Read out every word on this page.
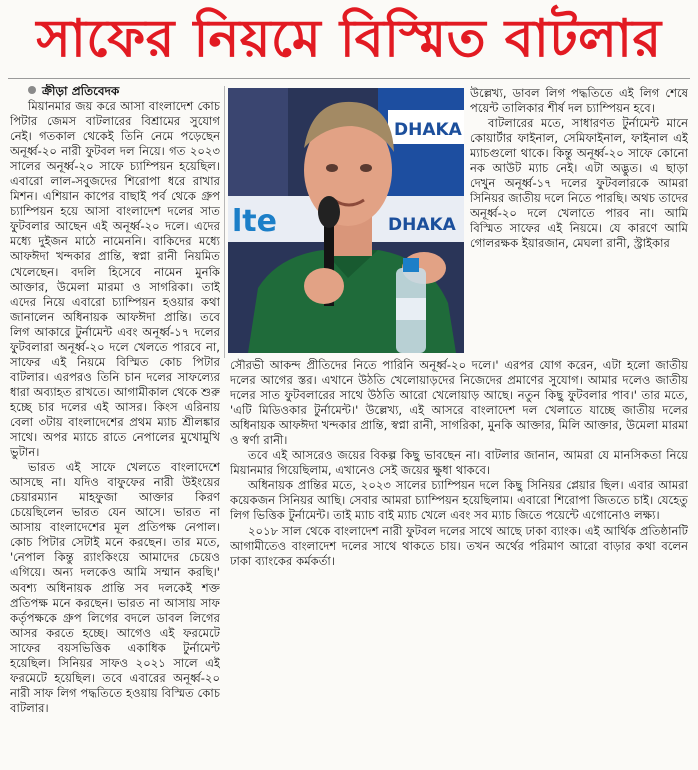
সাফের নিয়মে বিস্মিত বাটলার

ক্রীড়া প্রতিবেদক

মিয়ানমার জয় করে আসা বাংলাদেশ কোচ পিটার জেমস বাটলারের বিশ্রামের সুযোগ নেই। গতকাল থেকেই তিনি নেমে পড়েছেন অনূর্ধ্ব-২০ নারী ফুটবল দল নিয়ে। গত ২০২৩ সালের অনূর্ধ্ব-২০ সাফে চ্যাম্পিয়ন হয়েছিল। এবারো লাল-সবুজদের শিরোপা ধরে রাখার মিশন। এশিয়ান কাপের বাছাই পর্ব থেকে গ্রুপ চ্যাম্পিয়ন হয়ে আসা বাংলাদেশ দলের সাত ফুটবলার আছেন এই অনূর্ধ্ব-২০ দলে। এদের মধ্যে দুইজন মাঠে নামেননি। বাকিদের মধ্যে আফঈদা খন্দকার প্রান্তি, স্বপ্না রানী নিয়মিত খেলেছেন। বদলি হিসেবে নামেন মুনকি আক্তার, উমেলা মারমা ও সাগরিকা। তাই এদের নিয়ে এবারো চ্যাম্পিয়ন হওয়ার কথা জানালেন অধিনায়ক আফঈদা প্রান্তি। তবে লিগ আকারে টুর্নামেন্ট এবং অনূর্ধ্ব-১৭ দলের ফুটবলারা অনূর্ধ্ব-২০ দলে খেলতে পারবে না, সাফের এই নিয়মে বিস্মিত কোচ পিটার বাটলার। এরপরও তিনি চান দলের সাফল্যের ধারা অব্যাহত রাখতে। আগামীকাল থেকে শুরু হচ্ছে চার দলের এই আসর। কিংস এরিনায় বেলা ৩টায় বাংলাদেশের প্রথম ম্যাচ শ্রীলঙ্কার সাথে। অপর ম্যাচে রাতে নেপালের মুখোমুখি ভুটান।

ভারত এই সাফে খেলতে বাংলাদেশে আসছে না। যদিও বাফুফের নারী উইংয়ের চেয়ারম্যান মাহফুজা আক্তার কিরণ চেয়েছিলেন ভারত যেন আসে। ভারত না আসায় বাংলাদেশের মূল প্রতিপক্ষ নেপাল। কোচ পিটার সেটাই মনে করছেন। তার মতে, 'নেপাল কিন্তু র‍্যাংকিংয়ে আমাদের চেয়েও এগিয়ে। অন্য দলকেও আমি সম্মান করছি।' অবশ্য অধিনায়ক প্রান্তি সব দলকেই শক্ত প্রতিপক্ষ মনে করছেন। ভারত না আসায় সাফ কর্তৃপক্ষকে গ্রুপ লিগের বদলে ডাবল লিগের আসর করতে হচ্ছে। আগেও এই ফরমেটে সাফের বয়সভিত্তিক একাধিক টুর্নামেন্ট হয়েছিল। সিনিয়র সাফও ২০২১ সালে এই ফরমেটে হয়েছিল। তবে এবারের অনূর্ধ্ব-২০ নারী সাফ লিগ পদ্ধতিতে হওয়ায় বিস্মিত কোচ বাটলার।

DHAKA
lte	DHAKA

উল্লেখ্য, ডাবল লিগ পদ্ধতিতে এই লিগ শেষে পয়েন্ট তালিকার শীর্ষ দল চ্যাম্পিয়ন হবে।

বাটলারের মতে, সাধারণত টুর্নামেন্ট মানে কোয়ার্টার ফাইনাল, সেমিফাইনাল, ফাইনাল এই ম্যাচগুলো থাকে। কিন্তু অনূর্ধ্ব-২০ সাফে কোনো নক আউট ম্যাচ নেই। এটা অদ্ভুত। এ ছাড়া দেখুন অনূর্ধ্ব-১৭ দলের ফুটবলারকে আমরা সিনিয়র জাতীয় দলে নিতে পারছি। অথচ তাদের অনূর্ধ্ব-২০ দলে খেলাতে পারব না। আমি বিস্মিত সাফের এই নিয়মে। যে কারণে আমি গোলরক্ষক ইয়ারজান, মেঘলা রানী, স্ট্রাইকার

সৌরভী আকন্দ প্রীতিদের নিতে পারিনি অনূর্ধ্ব-২০ দলে।' এরপর যোগ করেন, এটা হলো জাতীয় দলের আগের স্তর। এখানে উঠতি খেলোয়াড়দের নিজেদের প্রমাণের সুযোগ। আমার দলেও জাতীয় দলের সাত ফুটবলারের সাথে উঠতি আরো খেলোয়াড় আছে। নতুন কিছু ফুটবলার পাব।' তার মতে, 'এটি মিডিওকার টুর্নামেন্ট।' উল্লেখ্য, এই আসরে বাংলাদেশ দল খেলাতে যাচ্ছে জাতীয় দলের অধিনায়ক আফঈদা খন্দকার প্রান্তি, স্বপ্না রানী, সাগরিকা, মুনকি আক্তার, মিলি আক্তার, উমেলা মারমা ও স্বর্ণা রানী।

তবে এই আসরেও জয়ের বিকল্প কিছু ভাবছেন না। বাটলার জানান, আমরা যে মানসিকতা নিয়ে মিয়ানমার গিয়েছিলাম, এখানেও সেই জয়ের ক্ষুধা থাকবে।

অধিনায়ক প্রান্তির মতে, ২০২৩ সালের চ্যাম্পিয়ন দলে কিছু সিনিয়র প্লেয়ার ছিল। এবার আমরা কয়েকজন সিনিয়র আছি। সেবার আমরা চ্যাম্পিয়ন হয়েছিলাম। এবারো শিরোপা জিততে চাই। যেহেতু লিগ ভিত্তিক টুর্নামেন্ট। তাই ম্যাচ বাই ম্যাচ খেলে এবং সব ম্যাচ জিতে পয়েন্টে এগোনোও লক্ষ্য।

২০১৮ সাল থেকে বাংলাদেশ নারী ফুটবল দলের সাথে আছে ঢাকা ব্যাংক। এই আর্থিক প্রতিষ্ঠানটি আগামীতেও বাংলাদেশ দলের সাথে থাকতে চায়। তখন অর্থের পরিমাণ আরো বাড়ার কথা বলেন ঢাকা ব্যাংকের কর্মকর্তা।
